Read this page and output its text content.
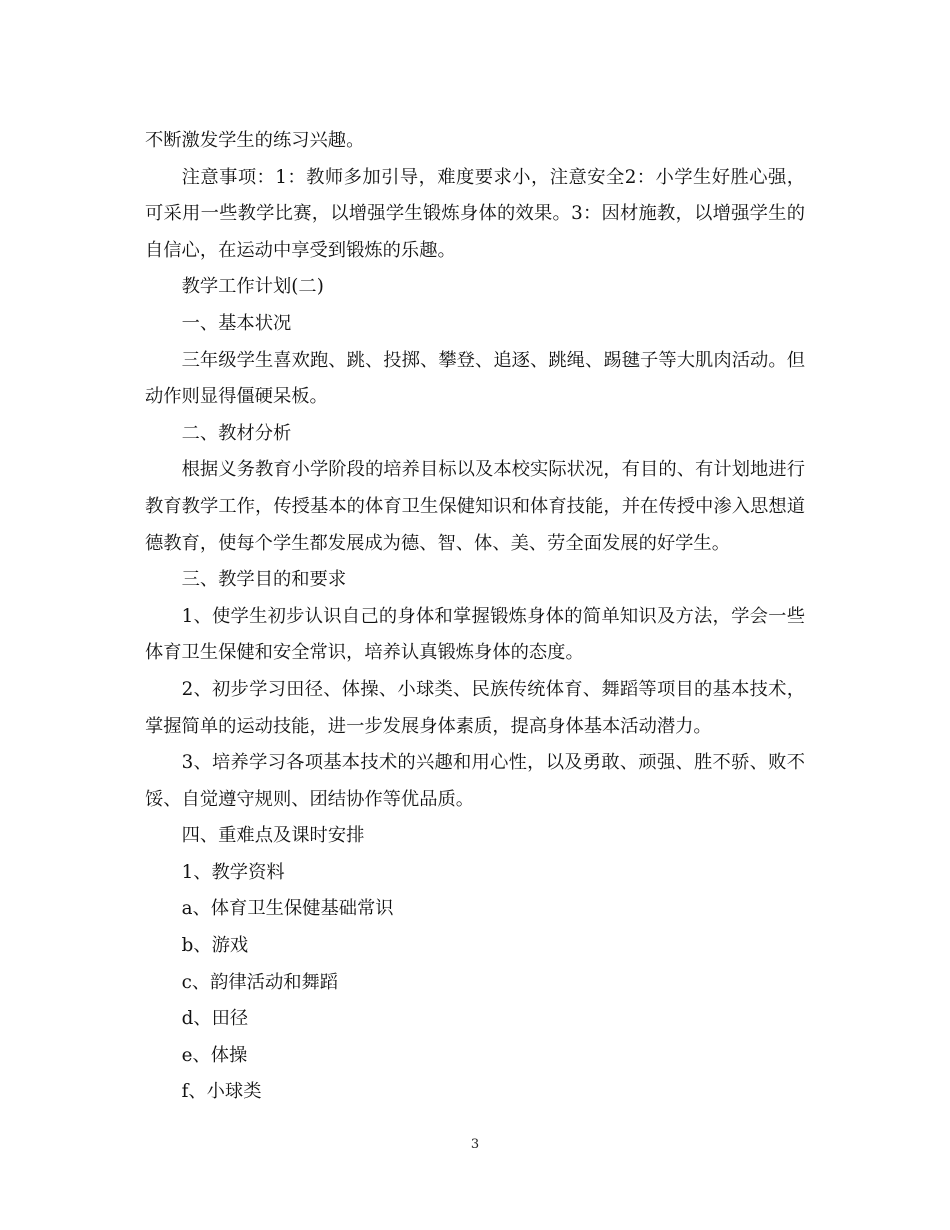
不断激发学生的练习兴趣。

注意事项：1：教师多加引导，难度要求小，注意安全2：小学生好胜心强，可采用一些教学比赛，以增强学生锻炼身体的效果。3：因材施教，以增强学生的自信心，在运动中享受到锻炼的乐趣。

教学工作计划(二)

一、基本状况

三年级学生喜欢跑、跳、投掷、攀登、追逐、跳绳、踢毽子等大肌肉活动。但动作则显得僵硬呆板。

二、教材分析

根据义务教育小学阶段的培养目标以及本校实际状况，有目的、有计划地进行教育教学工作，传授基本的体育卫生保健知识和体育技能，并在传授中渗入思想道德教育，使每个学生都发展成为德、智、体、美、劳全面发展的好学生。

三、教学目的和要求

1、使学生初步认识自己的身体和掌握锻炼身体的简单知识及方法，学会一些体育卫生保健和安全常识，培养认真锻炼身体的态度。

2、初步学习田径、体操、小球类、民族传统体育、舞蹈等项目的基本技术，掌握简单的运动技能，进一步发展身体素质，提高身体基本活动潜力。

3、培养学习各项基本技术的兴趣和用心性，以及勇敢、顽强、胜不骄、败不馁、自觉遵守规则、团结协作等优品质。

四、重难点及课时安排

1、教学资料

a、体育卫生保健基础常识

b、游戏

c、韵律活动和舞蹈

d、田径

e、体操

f、小球类

3
